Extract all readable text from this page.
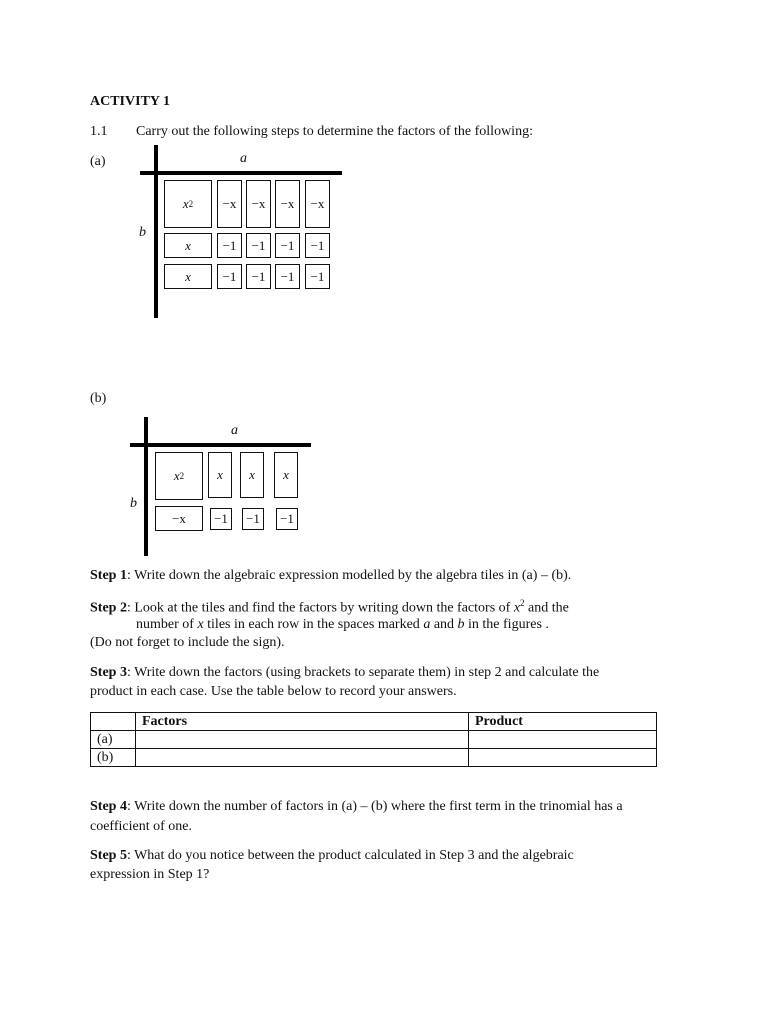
ACTIVITY 1
1.1 Carry out the following steps to determine the factors of the following:
(a)	a
b
x 2	−x	−x	−x	−x
x	−1	−1	−1	−1
x	−1	−1	−1	−1
(b)
a
b
x 2	x x x
−x	−1	−1	−1
Step 1: Write down the algebraic expression modelled by the algebra tiles in (a) – (b).
Step 2: Look at the tiles and find the factors by writing down the factors of $x^2$ and the
number of x tiles in each row in the spaces marked a and b in the figures .
(Do not forget to include the sign).
Step 3: Write down the factors (using brackets to separate them) in step 2 and calculate the
product in each case. Use the table below to record your answers.
	Factors	Product
(a)		
(b)		
Step 4: Write down the number of factors in (a) – (b) where the first term in the trinomial has a
coefficient of one.
Step 5: What do you notice between the product calculated in Step 3 and the algebraic
expression in Step 1?
